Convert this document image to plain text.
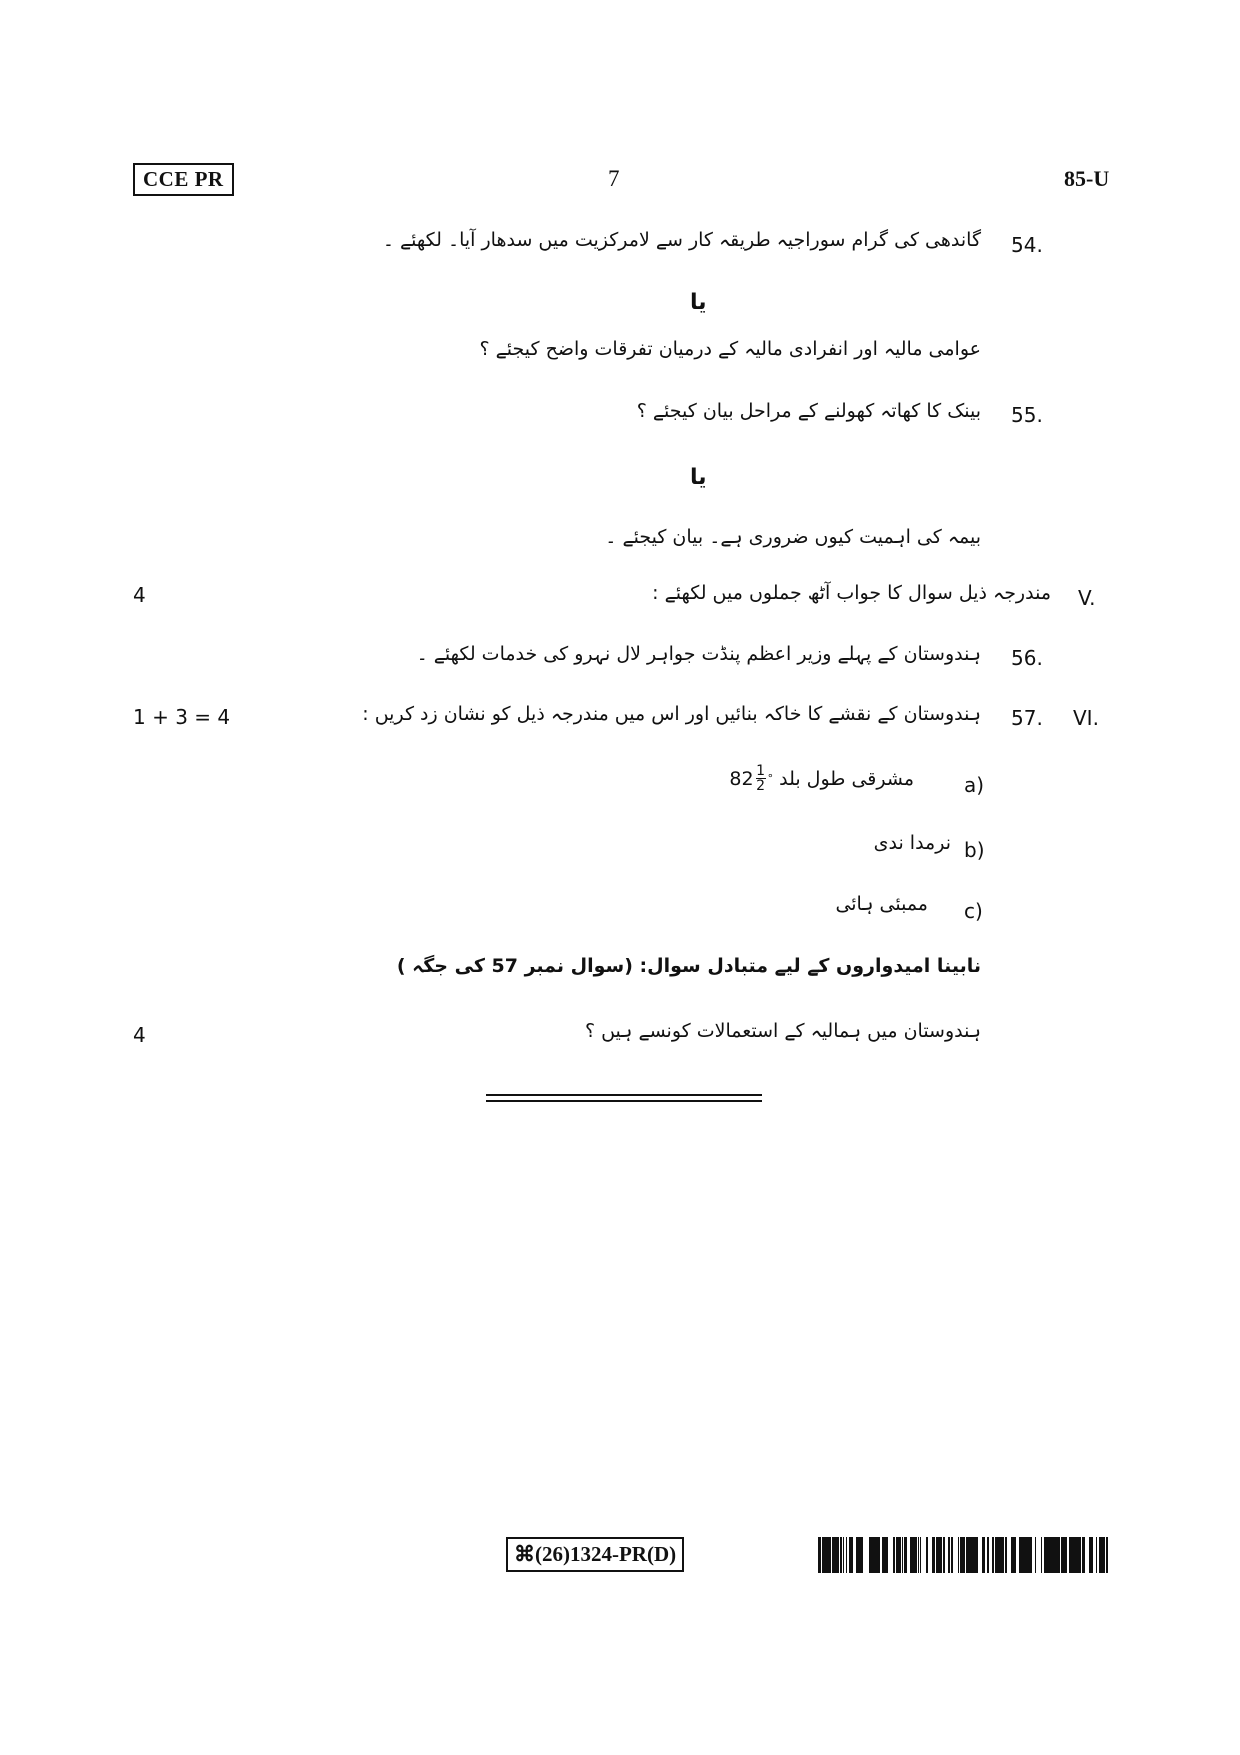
CCE PR	7	85-U
54.
گاندھی کی گرام سوراجیہ طریقہ کار سے لامرکزیت میں سدھار آیا۔ لکھئے ۔
یا
عوامی مالیہ اور انفرادی مالیہ کے درمیان تفرقات واضح کیجئے ؟
55.
بینک کا کھاتہ کھولنے کے مراحل بیان کیجئے ؟
یا
بیمہ کی اہمیت کیوں ضروری ہے۔ بیان کیجئے ۔
4	V.
مندرجہ ذیل سوال کا جواب آٹھ جملوں میں لکھئے :
56.
ہندوستان کے پہلے وزیر اعظم پنڈت جواہر لال نہرو کی خدمات لکھئے ۔
1 + 3 = 4	VI.
57.
ہندوستان کے نقشے کا خاکہ بنائیں اور اس میں مندرجہ ذیل کو نشان زد کریں :
a)
مشرقی طول بلد
$82 \frac{1}{2}$ °
b)
نرمدا ندی
c)
ممبئی ہائی
نابینا امیدواروں کے لیے متبادل سوال: (سوال نمبر 57 کی جگہ )
4	ہندوستان میں ہمالیہ کے استعمالات کونسے ہیں ؟
⌘(26)1324-PR(D)
